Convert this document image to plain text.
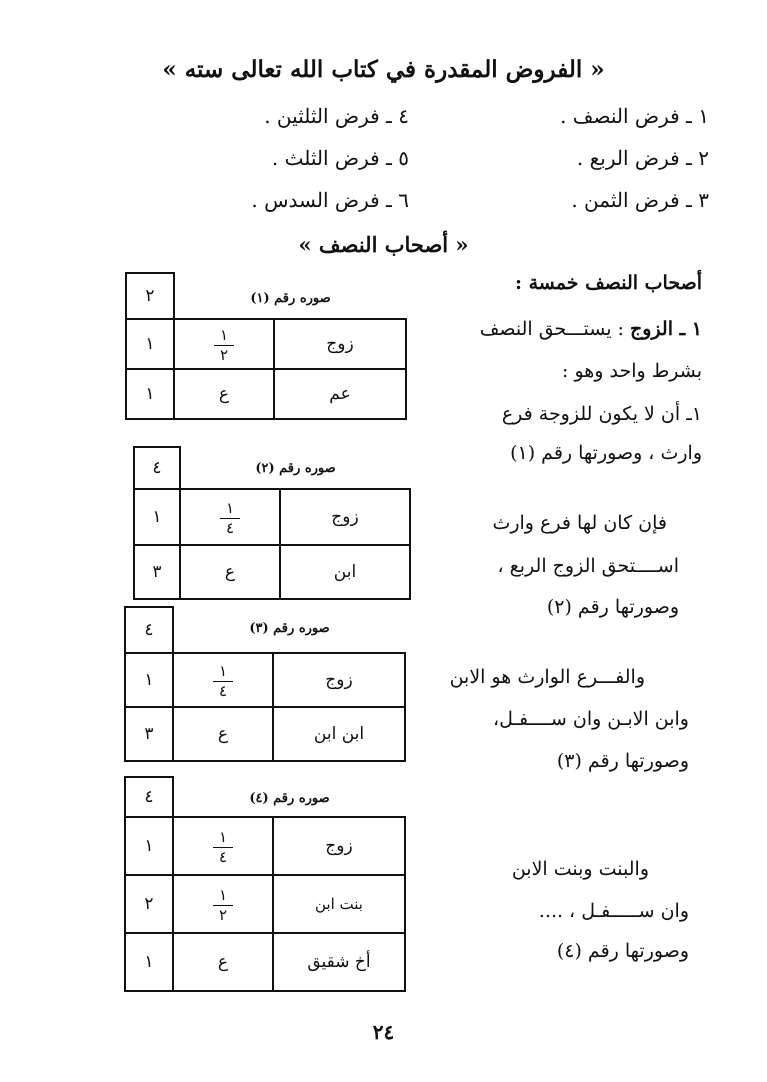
« الفروض المقدرة في كتاب الله تعالى سته »
١ ـ فرض النصف .
٢ ـ فرض الربع .
٣ ـ فرض الثمن .
٤ ـ فرض الثلثين .
٥ ـ فرض الثلث .
٦ ـ فرض السدس .
« أصحاب النصف »
أصحاب النصف خمسة :
١ ـ الزوج : يستـــحق النصف
بشرط واحد وهو :
١ـ أن لا يكون للزوجة فرع
وارث ، وصورتها رقم (١)
فإن كان لها فرع وارث
اســــتحق الزوج الربع ،
وصورتها رقم (٢)
والفـــرع الوارث هو الابن
وابن الابـن وان ســــفـل،
وصورتها رقم (٣)
والبنت وبنت الابن
وان ســـــفـل ، ....
وصورتها رقم (٤)
٢	صوره رقم (١)	
١	$\frac{١}{٢}$	زوج
١	ع	عم
٤	صوره رقم (٢)	
١	$\frac{١}{٤}$	زوج
٣	ع	ابن
٤	صوره رقم (٣)	
١	$\frac{١}{٤}$	زوج
٣	ع	ابن ابن
٤	صوره رقم (٤)	
١	$\frac{١}{٤}$	زوج
٢	$\frac{١}{٢}$	بنت ابن
١	ع	أخ شقيق
٢٤
